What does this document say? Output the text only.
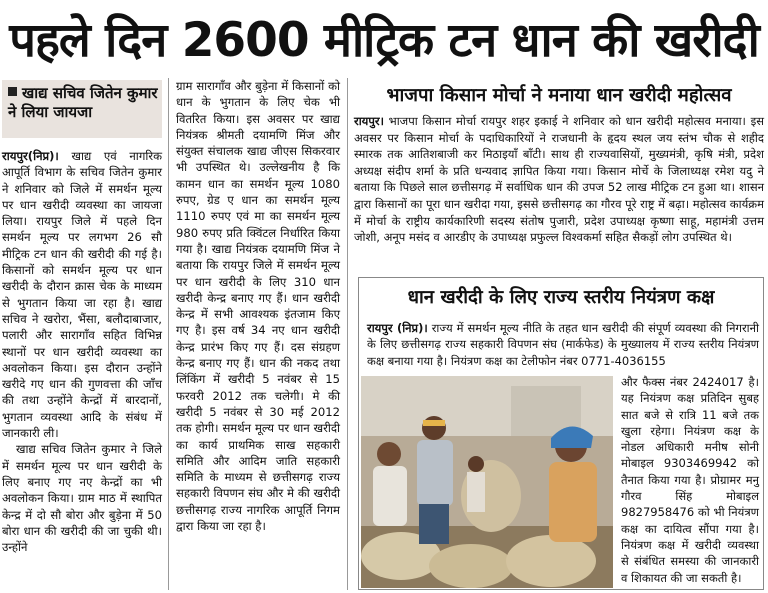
पहले दिन 2600 मीट्रिक टन धान की खरीदी
खाद्य सचिव जितेन कुमार ने लिया जायजा

रायपुर(निप्र)। खाद्य एवं नागरिक आपूर्ति विभाग के सचिव जितेन कुमार ने शनिवार को जिले में समर्थन मूल्य पर धान खरीदी व्यवस्था का जायजा लिया। रायपुर जिले में पहले दिन समर्थन मूल्य पर लगभग 26 सौ मीट्रिक टन धान की खरीदी की गई है। किसानों को समर्थन मूल्य पर धान खरीदी के दौरान क्रास चेक के माध्यम से भुगतान किया जा रहा है। खाद्य सचिव ने खरोरा, भैंसा, बलौदाबाजार, पलारी और सारागाँव सहित विभिन्न स्थानों पर धान खरीदी व्यवस्था का अवलोकन किया। इस दौरान उन्होंने खरीदे गए धान की गुणवत्ता की जाँच की तथा उन्होंने केन्द्रों में बारदानों, भुगतान व्यवस्था आदि के संबंध में जानकारी ली।

खाद्य सचिव जितेन कुमार ने जिले में समर्थन मूल्य पर धान खरीदी के लिए बनाए गए नए केन्द्रों का भी अवलोकन किया। ग्राम माठ में स्थापित केन्द्र में दो सौ बोरा और बुड़ेना में 50 बोरा धान की खरीदी की जा चुकी थी। उन्होंने

ग्राम सारागाँव और बुड़ेना में किसानों को धान के भुगतान के लिए चेक भी वितरित किया। इस अवसर पर खाद्य नियंत्रक श्रीमती दयामणि मिंज और संयुक्त संचालक खाद्य जीएस सिकरवार भी उपस्थित थे। उल्लेखनीय है कि कामन धान का समर्थन मूल्य 1080 रुपए, ग्रेड ए धान का समर्थन मूल्य 1110 रुपए एवं मा का समर्थन मूल्य 980 रुपए प्रति क्विंटल निर्धारित किया गया है। खाद्य नियंत्रक दयामणि मिंज ने बताया कि रायपुर जिले में समर्थन मूल्य पर धान खरीदी के लिए 310 धान खरीदी केन्द्र बनाए गए हैं। धान खरीदी केन्द्र में सभी आवश्यक इंतजाम किए गए है। इस वर्ष 34 नए धान खरीदी केन्द्र प्रारंभ किए गए हैं। दस संग्रहण केन्द्र बनाए गए हैं। धान की नकद तथा लिंकिंग में खरीदी 5 नवंबर से 15 फरवरी 2012 तक चलेगी। मे की खरीदी 5 नवंबर से 30 मई 2012 तक होगी। समर्थन मूल्य पर धान खरीदी का कार्य प्राथमिक साख सहकारी समिति और आदिम जाति सहकारी समिति के माध्यम से छत्तीसगढ़ राज्य सहकारी विपणन संघ और मे की खरीदी छत्तीसगढ़ राज्य नागरिक आपूर्ति निगम द्वारा किया जा रहा है।
भाजपा किसान मोर्चा ने मनाया धान खरीदी महोत्सव
रायपुर। भाजपा किसान मोर्चा रायपुर शहर इकाई ने शनिवार को धान खरीदी महोत्सव मनाया। इस अवसर पर किसान मोर्चा के पदाधिकारियों ने राजधानी के हृदय स्थल जय स्तंभ चौक से शहीद स्मारक तक आतिशबाजी कर मिठाइयाँ बाँटी। साथ ही राज्यवासियों, मुख्यमंत्री, कृषि मंत्री, प्रदेश अध्यक्ष संदीप शर्मा के प्रति धन्यवाद ज्ञापित किया गया। किसान मोर्चे के जिलाध्यक्ष रमेश यदु ने बताया कि पिछले साल छत्तीसगढ़ में सर्वाधिक धान की उपज 52 लाख मीट्रिक टन हुआ था। शासन द्वारा किसानों का पूरा धान खरीदा गया, इससे छत्तीसगढ़ का गौरव पूरे राष्ट्र में बढ़ा। महोत्सव कार्यक्रम में मोर्चा के राष्ट्रीय कार्यकारिणी सदस्य संतोष पुजारी, प्रदेश उपाध्यक्ष कृष्णा साहू, महामंत्री उत्तम जोशी, अनूप मसंद व आरडीए के उपाध्यक्ष प्रफुल्ल विश्वकर्मा सहित सैकड़ों लोग उपस्थित थे।
धान खरीदी के लिए राज्य स्तरीय नियंत्रण कक्ष
रायपुर (निप्र)। राज्य में समर्थन मूल्य नीति के तहत धान खरीदी की संपूर्ण व्यवस्था की निगरानी के लिए छत्तीसगढ़ राज्य सहकारी विपणन संघ (मार्कफेड) के मुख्यालय में राज्य स्तरीय नियंत्रण कक्ष बनाया गया है। नियंत्रण कक्ष का टेलीफोन नंबर 0771-4036155
और फैक्स नंबर 2424017 है। यह नियंत्रण कक्ष प्रतिदिन सुबह सात बजे से रात्रि 11 बजे तक खुला रहेगा। नियंत्रण कक्ष के नोडल अधिकारी मनीष सोनी मोबाइल 9303469942 को तैनात किया गया है। प्रोग्रामर मनु गौरव सिंह मोबाइल 9827958476 को भी नियंत्रण कक्ष का दायित्व सौंपा गया है। नियंत्रण कक्ष में खरीदी व्यवस्था से संबंधित समस्या की जानकारी व शिकायत की जा सकती है।
